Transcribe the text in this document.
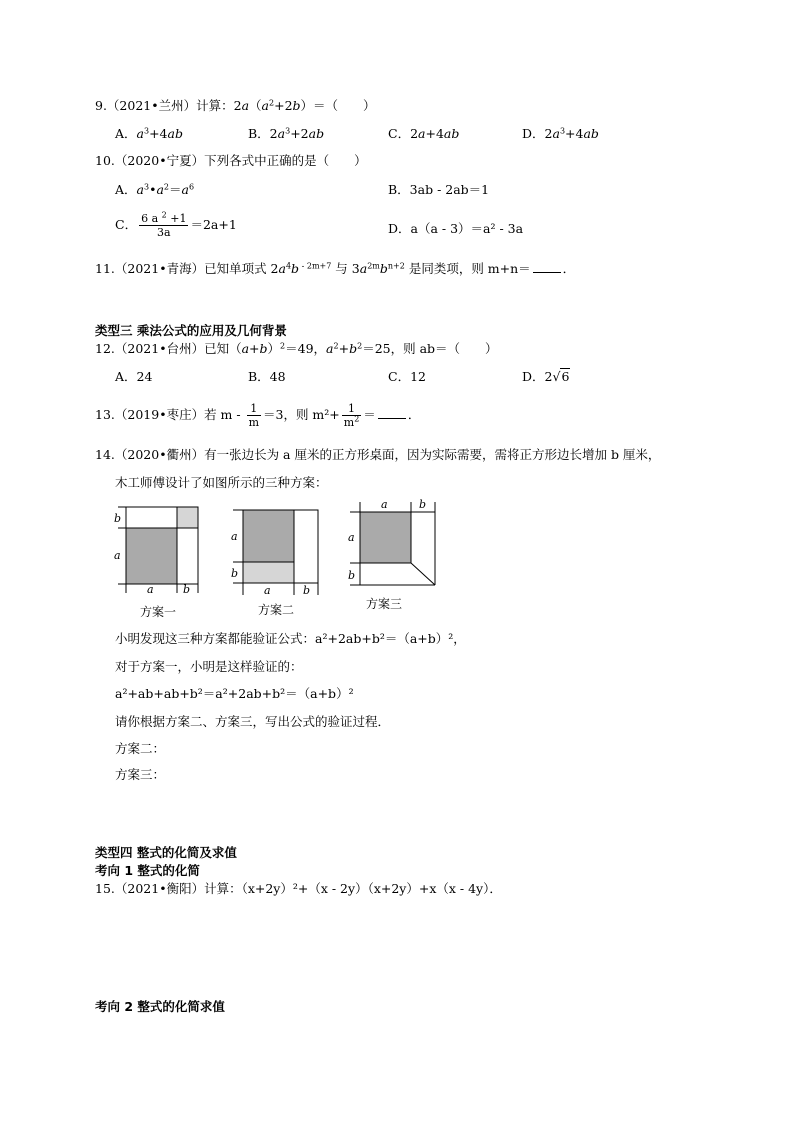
9.（2021•兰州）计算：$2a(a^2+2b)=$（　　）
A．$a^3+4ab$	B．$2a^3+2ab$	C．2a+4ab	D．$2a^3+4ab$
10.（2020•宁夏）下列各式中正确的是（　　）
A．$a^3•a^2=a^6$	B．3ab - 2ab＝1
C． $\frac{6 a ^2 +1}{3a} =2a+1$	D．a（a - 3）＝a² - 3a
11.（2021•青海）已知单项式 $2a^4b$ $^{- 2m+7}$ 与 $3a^{2m}b^{n+2}$ 是同类项，则 m+n＝	．
类型三 乘法公式的应用及几何背景
12.（2021•台州）已知$(a+b)^2=49$，$a^2+b^2=25$，则 ab＝（　　）
A．24	B．48	C．12	D．2√6
13.（2019•枣庄）若 $m - \frac{1}{m} =3$，则 $m^2+ \frac{1}{m^2}$ ＝	．
14.（2020•衢州）有一张边长为 a 厘米的正方形桌面，因为实际需要，需将正方形边长增加 b 厘米，
木工师傅设计了如图所示的三种方案：
b
a
a	b
方案一
a
b
a	b
方案二
a	b
a
b
方案三
小明发现这三种方案都能验证公式：a²+2ab+b²＝（a+b）²，
对于方案一，小明是这样验证的：
a²+ab+ab+b²＝a²+2ab+b²＝（a+b）²
请你根据方案二、方案三，写出公式的验证过程．
方案二：
方案三：
类型四 整式的化简及求值
考向 1 整式的化简
15.（2021•衡阳）计算：（x+2y）²+（x - 2y）（x+2y）+x（x - 4y）．
考向 2 整式的化简求值
